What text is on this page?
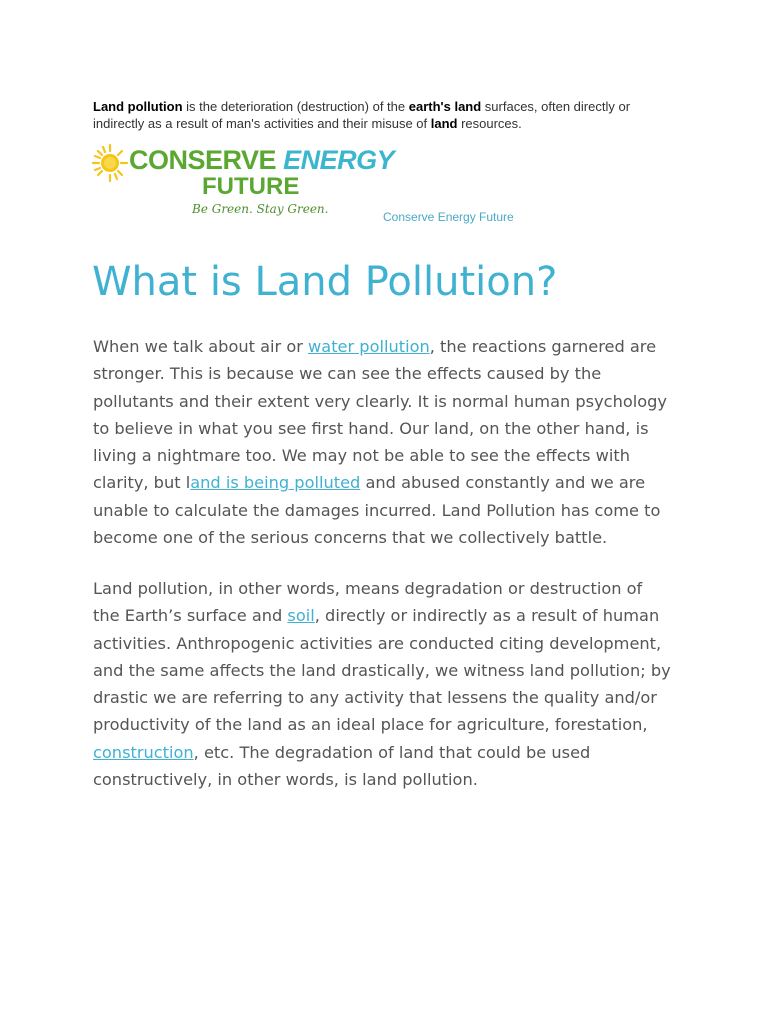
Land pollution is the deterioration (destruction) of the earth's land surfaces, often directly or indirectly as a result of man's activities and their misuse of land resources.

CONSERVE ENERGY
FUTURE
Be Green. Stay Green.
Conserve Energy Future
What is Land Pollution?

When we talk about air or water pollution, the reactions garnered are stronger. This is because we can see the effects caused by the pollutants and their extent very clearly. It is normal human psychology to believe in what you see first hand. Our land, on the other hand, is living a nightmare too. We may not be able to see the effects with clarity, but land is being polluted and abused constantly and we are unable to calculate the damages incurred. Land Pollution has come to become one of the serious concerns that we collectively battle.

Land pollution, in other words, means degradation or destruction of the Earth’s surface and soil, directly or indirectly as a result of human activities. Anthropogenic activities are conducted citing development, and the same affects the land drastically, we witness land pollution; by drastic we are referring to any activity that lessens the quality and/or productivity of the land as an ideal place for agriculture, forestation, construction, etc. The degradation of land that could be used constructively, in other words, is land pollution.
